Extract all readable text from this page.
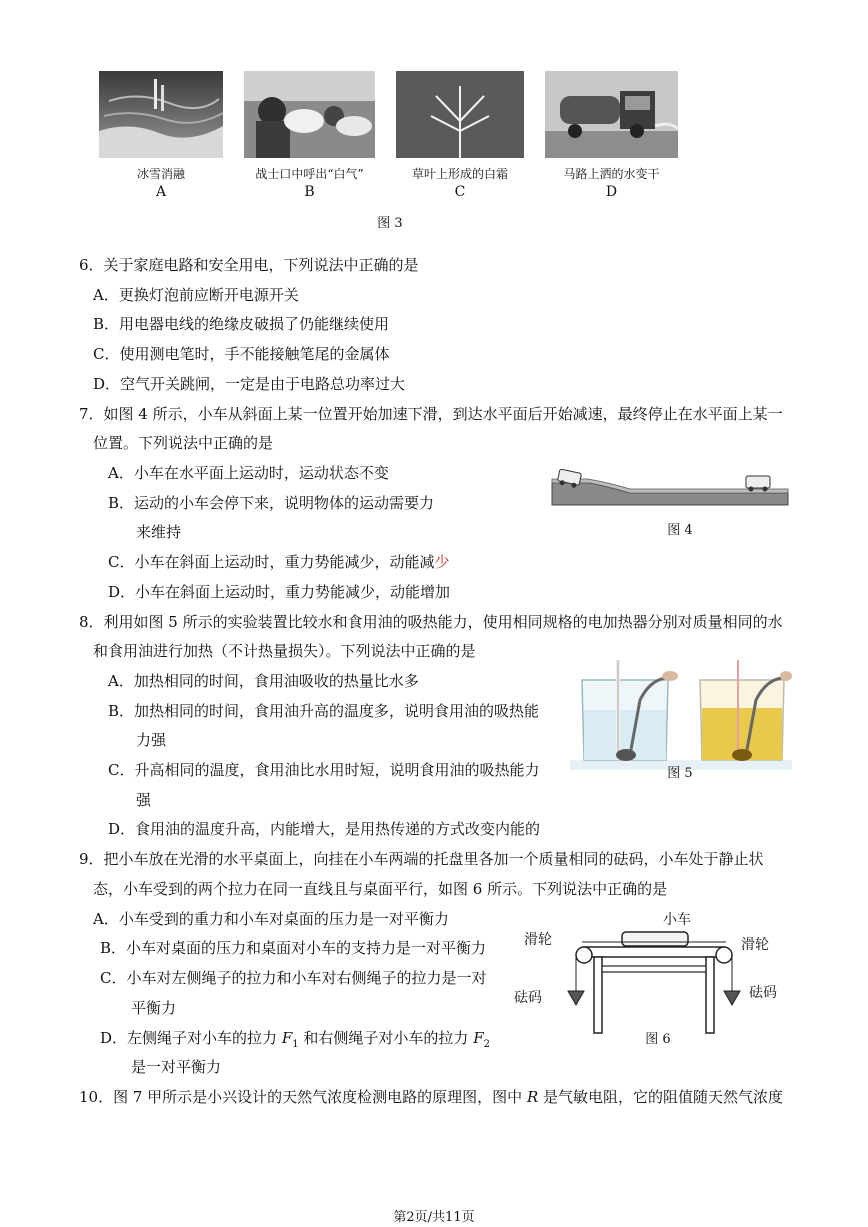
冰雪消融
A
战士口中呼出“白气”
B
草叶上形成的白霜
C
马路上洒的水变干
D
图 3
6．关于家庭电路和安全用电，下列说法中正确的是
A．更换灯泡前应断开电源开关
B．用电器电线的绝缘皮破损了仍能继续使用
C．使用测电笔时，手不能接触笔尾的金属体
D．空气开关跳闸，一定是由于电路总功率过大
7．如图 4 所示，小车从斜面上某一位置开始加速下滑，到达水平面后开始减速，最终停止在水平面上某一
位置。下列说法中正确的是
A．小车在水平面上运动时，运动状态不变
B．运动的小车会停下来，说明物体的运动需要力
来维持
C．小车在斜面上运动时，重力势能减少，动能减少
D．小车在斜面上运动时，重力势能减少，动能增加
图 4
8．利用如图 5 所示的实验装置比较水和食用油的吸热能力，使用相同规格的电加热器分别对质量相同的水
和食用油进行加热（不计热量损失）。下列说法中正确的是
A．加热相同的时间，食用油吸收的热量比水多
B．加热相同的时间，食用油升高的温度多，说明食用油的吸热能
力强
C．升高相同的温度，食用油比水用时短，说明食用油的吸热能力
强
D．食用油的温度升高，内能增大，是用热传递的方式改变内能的
图 5
9．把小车放在光滑的水平桌面上，向挂在小车两端的托盘里各加一个质量相同的砝码，小车处于静止状
态，小车受到的两个拉力在同一直线且与桌面平行，如图 6 所示。下列说法中正确的是
A．小车受到的重力和小车对桌面的压力是一对平衡力
B．小车对桌面的压力和桌面对小车的支持力是一对平衡力
C．小车对左侧绳子的拉力和小车对右侧绳子的拉力是一对
平衡力
D．左侧绳子对小车的拉力 $F_1$ 和右侧绳子对小车的拉力 $F_2$
是一对平衡力
小车
滑轮	滑轮
砝码	砝码
图 6
10．图 7 甲所示是小兴设计的天然气浓度检测电路的原理图，图中 R 是气敏电阻，它的阻值随天然气浓度
第2页/共11页
